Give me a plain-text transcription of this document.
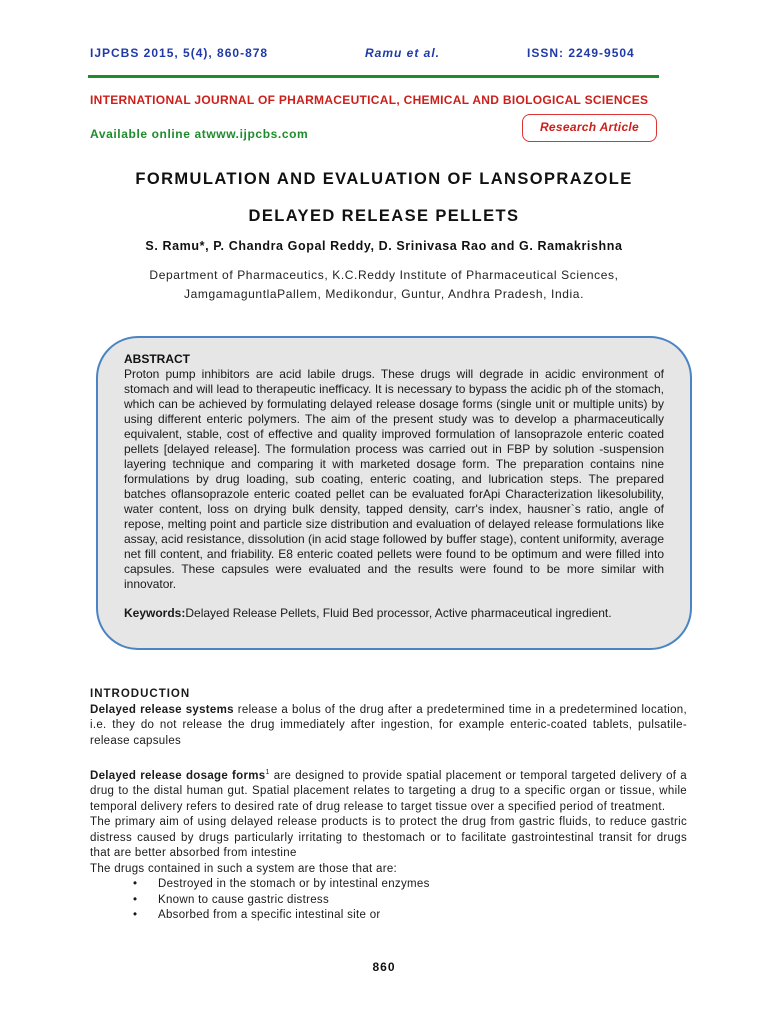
IJPCBS 2015, 5(4), 860-878	Ramu et al.	ISSN: 2249-9504
INTERNATIONAL JOURNAL OF PHARMACEUTICAL, CHEMICAL AND BIOLOGICAL SCIENCES
Available online atwww.ijpcbs.com	Research Article
FORMULATION AND EVALUATION OF LANSOPRAZOLE
DELAYED RELEASE PELLETS
S. Ramu*, P. Chandra Gopal Reddy, D. Srinivasa Rao and G. Ramakrishna
Department of Pharmaceutics, K.C.Reddy Institute of Pharmaceutical Sciences,
JamgamaguntlaPallem, Medikondur, Guntur, Andhra Pradesh, India.
ABSTRACT
Proton pump inhibitors are acid labile drugs. These drugs will degrade in acidic environment of stomach and will lead to therapeutic inefficacy. It is necessary to bypass the acidic ph of the stomach, which can be achieved by formulating delayed release dosage forms (single unit or multiple units) by using different enteric polymers. The aim of the present study was to develop a pharmaceutically equivalent, stable, cost of effective and quality improved formulation of lansoprazole enteric coated pellets [delayed release]. The formulation process was carried out in FBP by solution -suspension layering technique and comparing it with marketed dosage form. The preparation contains nine formulations by drug loading, sub coating, enteric coating, and lubrication steps. The prepared batches oflansoprazole enteric coated pellet can be evaluated forApi Characterization likesolubility, water content, loss on drying bulk density, tapped density, carr's index, hausner`s ratio, angle of repose, melting point and particle size distribution and evaluation of delayed release formulations like assay, acid resistance, dissolution (in acid stage followed by buffer stage), content uniformity, average net fill content, and friability. E8 enteric coated pellets were found to be optimum and were filled into capsules. These capsules were evaluated and the results were found to be more similar with innovator.
Keywords:Delayed Release Pellets, Fluid Bed processor, Active pharmaceutical ingredient.
INTRODUCTION

Delayed release systems release a bolus of the drug after a predetermined time in a predetermined location, i.e. they do not release the drug immediately after ingestion, for example enteric-coated tablets, pulsatile-release capsules

Delayed release dosage forms$^1$ are designed to provide spatial placement or temporal targeted delivery of a drug to the distal human gut. Spatial placement relates to targeting a drug to a specific organ or tissue, while temporal delivery refers to desired rate of drug release to target tissue over a specified period of treatment.

The primary aim of using delayed release products is to protect the drug from gastric fluids, to reduce gastric distress caused by drugs particularly irritating to thestomach or to facilitate gastrointestinal transit for drugs that are better absorbed from intestine

The drugs contained in such a system are those that are:

• Destroyed in the stomach or by intestinal enzymes
• Known to cause gastric distress
• Absorbed from a specific intestinal site or
860
